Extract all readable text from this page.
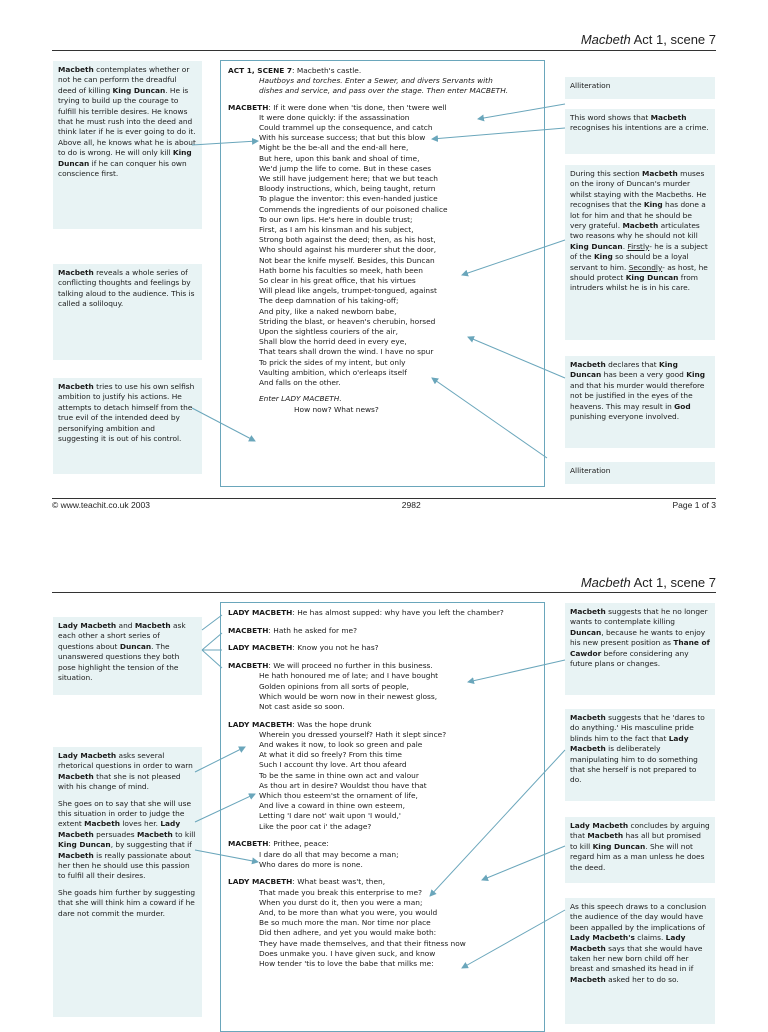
Macbeth Act 1, scene 7
Macbeth contemplates whether or not he can perform the dreadful deed of killing King Duncan. He is trying to build up the courage to fulfill his terrible desires. He knows that he must rush into the deed and think later if he is ever going to do it. Above all, he knows what he is about to do is wrong. He will only kill King Duncan if he can conquer his own conscience first.
Macbeth reveals a whole series of conflicting thoughts and feelings by talking aloud to the audience. This is called a soliloquy.
Macbeth tries to use his own selfish ambition to justify his actions. He attempts to detach himself from the true evil of the intended deed by personifying ambition and suggesting it is out of his control.
ACT 1, SCENE 7: Macbeth's castle.
Hautboys and torches. Enter a Sewer, and divers Servants with
dishes and service, and pass over the stage. Then enter MACBETH.
MACBETH: If it were done when 'tis done, then 'twere well
It were done quickly: if the assassination
Could trammel up the consequence, and catch
With his surcease success; that but this blow
Might be the be-all and the end-all here,
But here, upon this bank and shoal of time,
We'd jump the life to come. But in these cases
We still have judgement here; that we but teach
Bloody instructions, which, being taught, return
To plague the inventor: this even-handed justice
Commends the ingredients of our poisoned chalice
To our own lips. He's here in double trust;
First, as I am his kinsman and his subject,
Strong both against the deed; then, as his host,
Who should against his murderer shut the door,
Not bear the knife myself. Besides, this Duncan
Hath borne his faculties so meek, hath been
So clear in his great office, that his virtues
Will plead like angels, trumpet-tongued, against
The deep damnation of his taking-off;
And pity, like a naked newborn babe,
Striding the blast, or heaven's cherubin, horsed
Upon the sightless couriers of the air,
Shall blow the horrid deed in every eye,
That tears shall drown the wind. I have no spur
To prick the sides of my intent, but only
Vaulting ambition, which o'erleaps itself
And falls on the other.
Enter LADY MACBETH.
How now? What news?
Alliteration
This word shows that Macbeth recognises his intentions are a crime.
During this section Macbeth muses on the irony of Duncan's murder whilst staying with the Macbeths. He recognises that the King has done a lot for him and that he should be very grateful. Macbeth articulates two reasons why he should not kill King Duncan. Firstly- he is a subject of the King so should be a loyal servant to him. Secondly- as host, he should protect King Duncan from intruders whilst he is in his care.
Macbeth declares that King Duncan has been a very good King and that his murder would therefore not be justified in the eyes of the heavens. This may result in God punishing everyone involved.
Alliteration
© www.teachit.co.uk 2003	2982	Page 1 of 3
Macbeth Act 1, scene 7
Lady Macbeth and Macbeth ask each other a short series of questions about Duncan. The unanswered questions they both pose highlight the tension of the situation.

Lady Macbeth asks several rhetorical questions in order to warn Macbeth that she is not pleased with his change of mind.

She goes on to say that she will use this situation in order to judge the extent Macbeth loves her. Lady Macbeth persuades Macbeth to kill King Duncan, by suggesting that if Macbeth is really passionate about her then he should use this passion to fulfil all their desires.

She goads him further by suggesting that she will think him a coward if he dare not commit the murder.

LADY MACBETH: He has almost supped: why have you left the chamber?
MACBETH: Hath he asked for me?
LADY MACBETH: Know you not he has?
MACBETH: We will proceed no further in this business.
He hath honoured me of late; and I have bought
Golden opinions from all sorts of people,
Which would be worn now in their newest gloss,
Not cast aside so soon.
LADY MACBETH: Was the hope drunk
Wherein you dressed yourself? Hath it slept since?
And wakes it now, to look so green and pale
At what it did so freely? From this time
Such I account thy love. Art thou afeard
To be the same in thine own act and valour
As thou art in desire? Wouldst thou have that
Which thou esteem'st the ornament of life,
And live a coward in thine own esteem,
Letting 'I dare not' wait upon 'I would,'
Like the poor cat i' the adage?
MACBETH: Prithee, peace:
I dare do all that may become a man;
Who dares do more is none.
LADY MACBETH: What beast was't, then,
That made you break this enterprise to me?
When you durst do it, then you were a man;
And, to be more than what you were, you would
Be so much more the man. Nor time nor place
Did then adhere, and yet you would make both:
They have made themselves, and that their fitness now
Does unmake you. I have given suck, and know
How tender 'tis to love the babe that milks me:
Macbeth suggests that he no longer wants to contemplate killing Duncan, because he wants to enjoy his new present position as Thane of Cawdor before considering any future plans or changes.
Macbeth suggests that he 'dares to do anything.' His masculine pride blinds him to the fact that Lady Macbeth is deliberately manipulating him to do something that she herself is not prepared to do.
Lady Macbeth concludes by arguing that Macbeth has all but promised to kill King Duncan. She will not regard him as a man unless he does the deed.
As this speech draws to a conclusion the audience of the day would have been appalled by the implications of Lady Macbeth's claims. Lady Macbeth says that she would have taken her new born child off her breast and smashed its head in if Macbeth asked her to do so.
